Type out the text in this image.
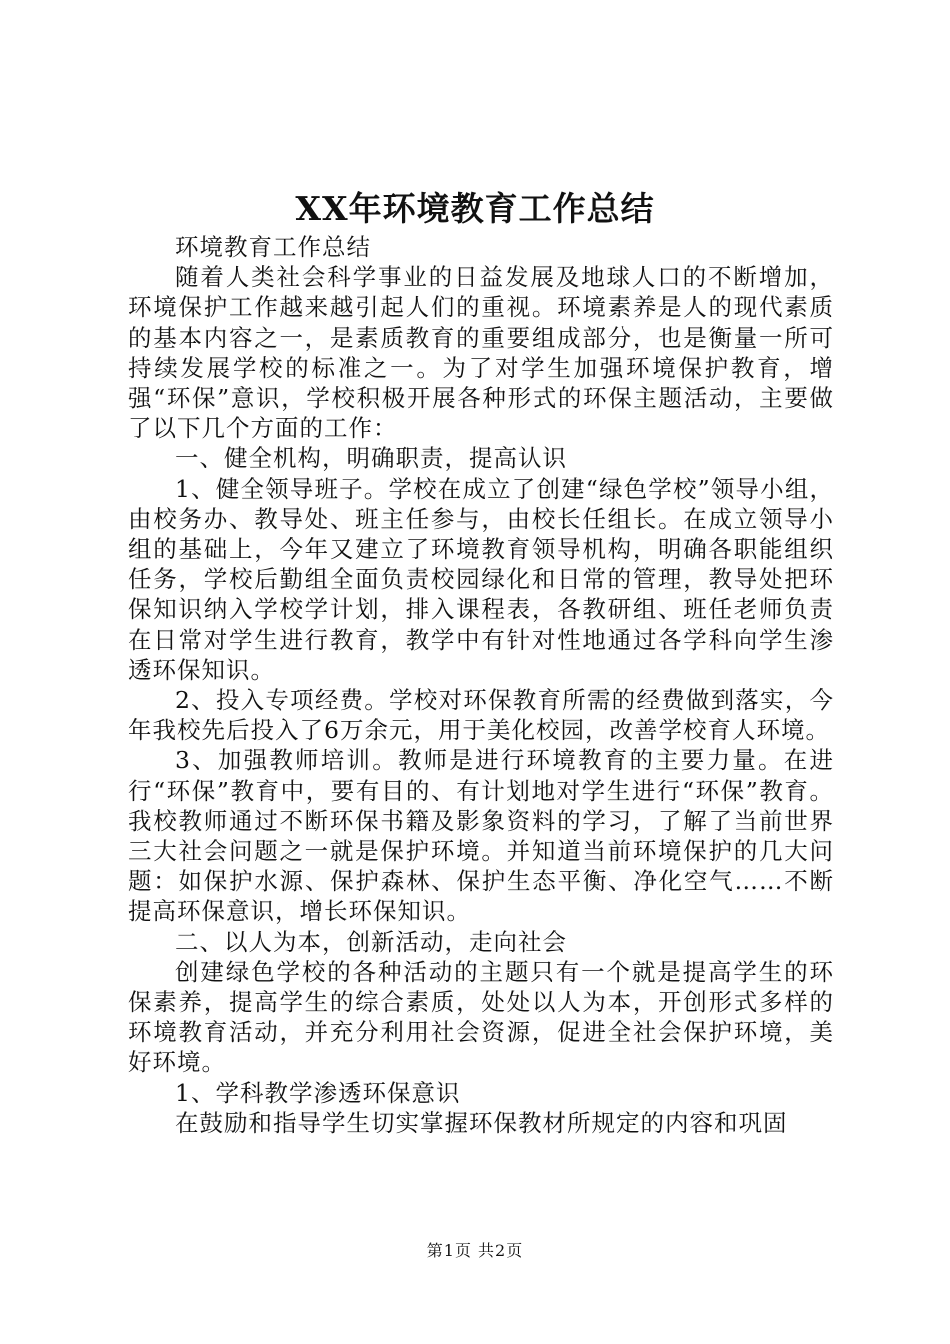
XX年环境教育工作总结

环境教育工作总结

随着人类社会科学事业的日益发展及地球人口的不断增加，环境保护工作越来越引起人们的重视。环境素养是人的现代素质的基本内容之一，是素质教育的重要组成部分，也是衡量一所可持续发展学校的标准之一。为了对学生加强环境保护教育，增强“环保”意识，学校积极开展各种形式的环保主题活动，主要做了以下几个方面的工作：

一、健全机构，明确职责，提高认识

1、健全领导班子。学校在成立了创建“绿色学校”领导小组，由校务办、教导处、班主任参与，由校长任组长。在成立领导小组的基础上，今年又建立了环境教育领导机构，明确各职能组织任务，学校后勤组全面负责校园绿化和日常的管理，教导处把环保知识纳入学校学计划，排入课程表，各教研组、班任老师负责在日常对学生进行教育，教学中有针对性地通过各学科向学生渗透环保知识。

2、投入专项经费。学校对环保教育所需的经费做到落实，今年我校先后投入了6万余元，用于美化校园，改善学校育人环境。

3、加强教师培训。教师是进行环境教育的主要力量。在进行“环保”教育中，要有目的、有计划地对学生进行“环保”教育。我校教师通过不断环保书籍及影象资料的学习，了解了当前世界三大社会问题之一就是保护环境。并知道当前环境保护的几大问题：如保护水源、保护森林、保护生态平衡、净化空气……不断提高环保意识，增长环保知识。

二、以人为本，创新活动，走向社会

创建绿色学校的各种活动的主题只有一个就是提高学生的环保素养，提高学生的综合素质，处处以人为本，开创形式多样的环境教育活动，并充分利用社会资源，促进全社会保护环境，美好环境。

1、学科教学渗透环保意识

在鼓励和指导学生切实掌握环保教材所规定的内容和巩固

第1页 共2页
